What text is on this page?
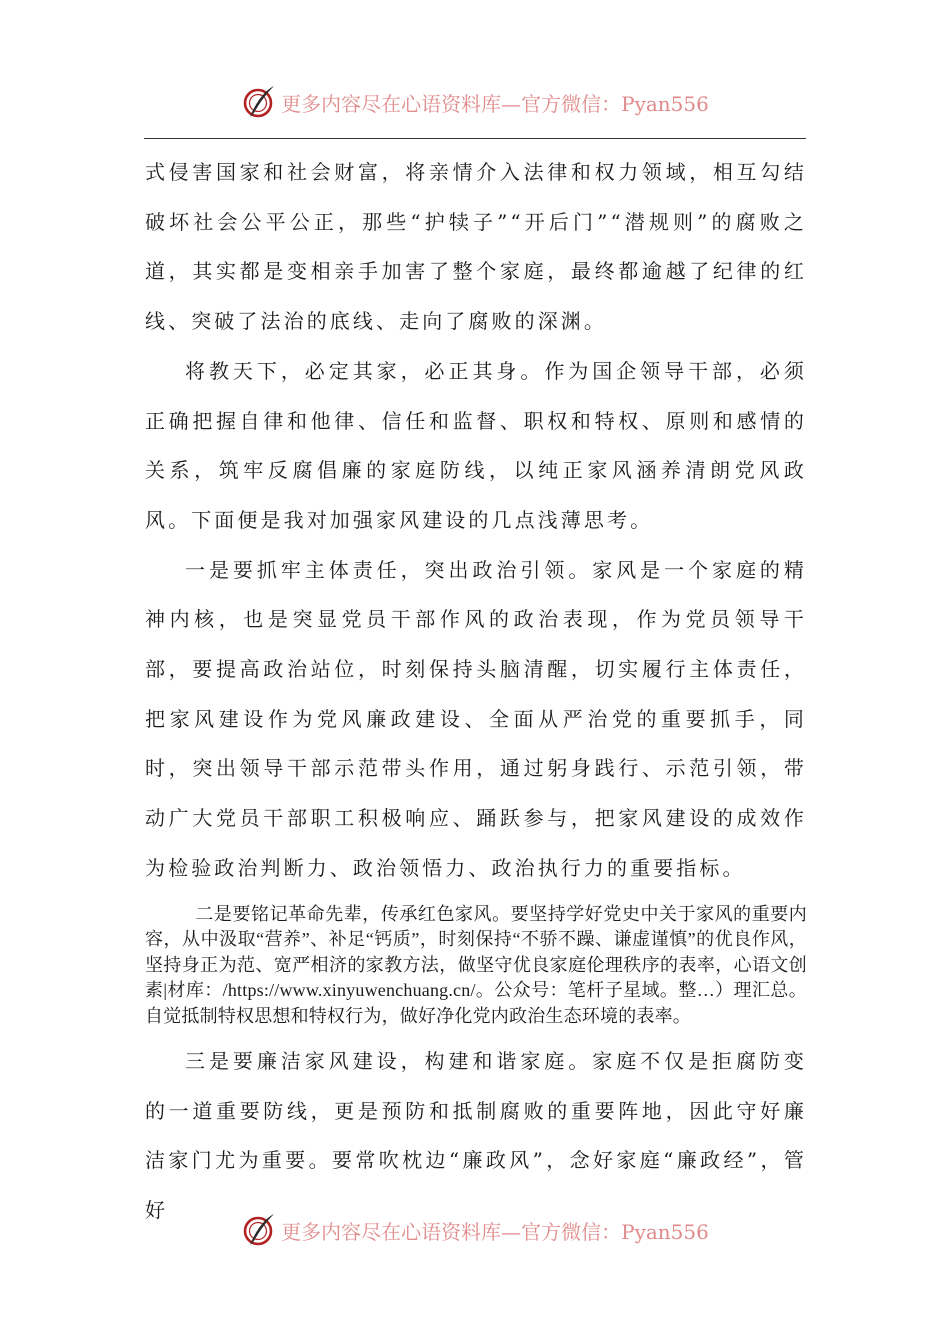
更多内容尽在心语资料库—官方微信：Pyan556

式侵害国家和社会财富，将亲情介入法律和权力领域，相互勾结破坏社会公平公正，那些“护犊子”“开后门”“潜规则”的腐败之道，其实都是变相亲手加害了整个家庭，最终都逾越了纪律的红线、突破了法治的底线、走向了腐败的深渊。

将教天下，必定其家，必正其身。作为国企领导干部，必须正确把握自律和他律、信任和监督、职权和特权、原则和感情的关系，筑牢反腐倡廉的家庭防线，以纯正家风涵养清朗党风政风。下面便是我对加强家风建设的几点浅薄思考。

一是要抓牢主体责任，突出政治引领。家风是一个家庭的精神内核，也是突显党员干部作风的政治表现，作为党员领导干部，要提高政治站位，时刻保持头脑清醒，切实履行主体责任，把家风建设作为党风廉政建设、全面从严治党的重要抓手，同时，突出领导干部示范带头作用，通过躬身践行、示范引领，带动广大党员干部职工积极响应、踊跃参与，把家风建设的成效作为检验政治判断力、政治领悟力、政治执行力的重要指标。

二是要铭记革命先辈，传承红色家风。要坚持学好党史中关于家风的重要内容，从中汲取“营养”、补足“钙质”，时刻保持“不骄不躁、谦虚谨慎”的优良作风，坚持身正为范、宽严相济的家教方法，做坚守优良家庭伦理秩序的表率，心语文创素|材库：/https://www.xinyuwenchuang.cn/。公众号：笔杆子星域。整…）理汇总。自觉抵制特权思想和特权行为，做好净化党内政治生态环境的表率。

三是要廉洁家风建设，构建和谐家庭。家庭不仅是拒腐防变的一道重要防线，更是预防和抵制腐败的重要阵地，因此守好廉洁家门尤为重要。要常吹枕边“廉政风”，念好家庭“廉政经”，管好

更多内容尽在心语资料库—官方微信：Pyan556
